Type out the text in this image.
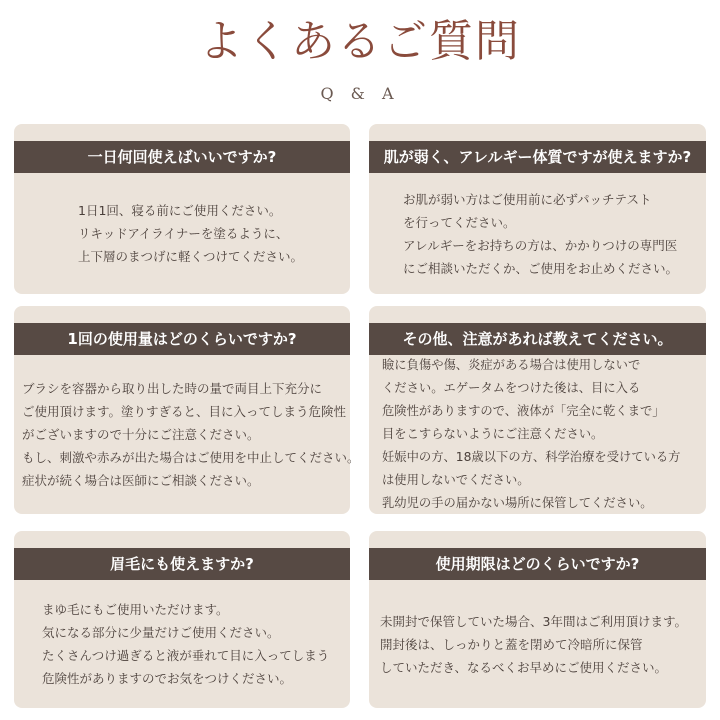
よくあるご質問
Q & A
一日何回使えばいいですか?
1日1回、寝る前にご使用ください。
リキッドアイライナーを塗るように、
上下層のまつげに軽くつけてください。
肌が弱く、アレルギー体質ですが使えますか?
お肌が弱い方はご使用前に必ずパッチテスト
を行ってください。
アレルギーをお持ちの方は、かかりつけの専門医
にご相談いただくか、ご使用をお止めください。
1回の使用量はどのくらいですか?
ブラシを容器から取り出した時の量で両目上下充分に
ご使用頂けます。塗りすぎると、目に入ってしまう危険性
がございますので十分にご注意ください。
もし、刺激や赤みが出た場合はご使用を中止してください。
症状が続く場合は医師にご相談ください。
その他、注意があれば教えてください。
瞼に負傷や傷、炎症がある場合は使用しないで
ください。エゲータムをつけた後は、目に入る
危険性がありますので、液体が「完全に乾くまで」
目をこすらないようにご注意ください。
妊娠中の方、18歳以下の方、科学治療を受けている方
は使用しないでください。
乳幼児の手の届かない場所に保管してください。
眉毛にも使えますか?
まゆ毛にもご使用いただけます。
気になる部分に少量だけご使用ください。
たくさんつけ過ぎると液が垂れて目に入ってしまう
危険性がありますのでお気をつけください。
使用期限はどのくらいですか?
未開封で保管していた場合、3年間はご利用頂けます。
開封後は、しっかりと蓋を閉めて冷暗所に保管
していただき、なるべくお早めにご使用ください。
